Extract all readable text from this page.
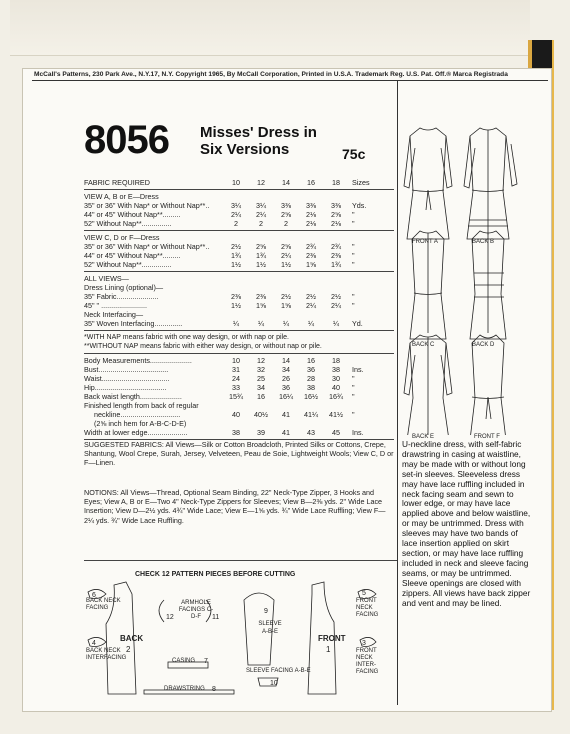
McCall's Patterns, 230 Park Ave., N.Y.17, N.Y. Copyright 1965, By McCall Corporation, Printed in U.S.A. Trademark Reg. U.S. Pat. Off.® Marca Registrada
8056 Misses' Dress in
Six Versions	75c
FABRIC REQUIRED	10	12	14	16	18	Sizes
VIEW A, B or E—Dress
35" or 36" With Nap* or Without Nap**..	3¼	3¼	3⅜	3⅜	3⅜	Yds.
44" or 45" Without Nap**.........	2¼	2¼	2⅝	2⅛	2⅝	"
52" Without Nap**...............	2	2	2	2⅛	2⅛	"
VIEW C, D or F—Dress
35" or 36" With Nap* or Without Nap**..	2½	2⅝	2⅝	2¾	2¾	"
44" or 45" Without Nap**.........	1¾	1¾	2¼	2⅜	2⅜	"
52" Without Nap**...............	1½	1½	1½	1⅝	1¾	"
ALL VIEWS—
Dress Lining (optional)—
35" Fabric.....................	2⅜	2⅜	2½	2½	2½	"
45" " .......................	1½	1⅝	1⅝	2¼	2¼	"
Neck Interfacing—
35" Woven Interfacing..............	¼	¼	¼	¼	¼	Yd.
*WITH NAP means fabric with one way design, or with nap or pile.
**WITHOUT NAP means fabric with either way design, or without nap or pile.
Body Measurements.....................	10	12	14	16	18
Bust...................................	31	32	34	36	38	Ins.
Waist..................................	24	25	26	28	30	"
Hip....................................	33	34	36	38	40	"
Back waist length.....................	15¾	16	16¼	16½	16¾	"
Finished length from back of regular
neckline..............................	40	40½	41	41¼	41½	"
(2⅝ inch hem for A-B-C-D-E)
Width at lower edge....................	38	39	41	43	45	Ins.
SUGGESTED FABRICS: All Views—Silk or Cotton Broadcloth, Printed Silks or Cottons, Crepe, Shantung, Wool Crepe, Surah, Jersey, Velveteen, Peau de Soie, Lightweight Wools; View C, D or F—Linen.
NOTIONS: All Views—Thread, Optional Seam Binding, 22" Neck-Type Zipper, 3 Hooks and Eyes; View A, B or E—Two 4" Neck-Type Zippers for Sleeves; View B—2⅜ yds. 2" Wide Lace Insertion; View D—2½ yds. 4¾" Wide Lace; View E—1⅝ yds. ¾" Wide Lace Ruffling; View F—2¼ yds. ¾" Wide Lace Ruffling.
FRONT A	BACK B
BACK C	BACK D
BACK E	FRONT F
U-neckline dress, with self-fabric drawstring in casing at waistline, may be made with or without long set-in sleeves. Sleeveless dress may have lace ruffling included in neck facing seam and sewn to lower edge, or may have lace applied above and below waistline, or may be untrimmed. Dress with sleeves may have two bands of lace insertion applied on skirt section, or may have lace ruffling included in neck and sleeve facing seams, or may be untrimmed. Sleeve openings are closed with zippers. All views have back zipper and vent and may be lined.
CHECK 12 PATTERN PIECES BEFORE CUTTING
BACK NECK FACING
BACK NECK INTERFACING
BACK
2
ARMHOLE FACINGS C-D-F
CASING
DRAWSTRING
9
SLEEVE A-B-E
SLEEVE FACING A-B-E
FRONT
1
FRONT NECK FACING
FRONT NECK INTER-FACING
6
4
12	11
7
8
10
5
3
